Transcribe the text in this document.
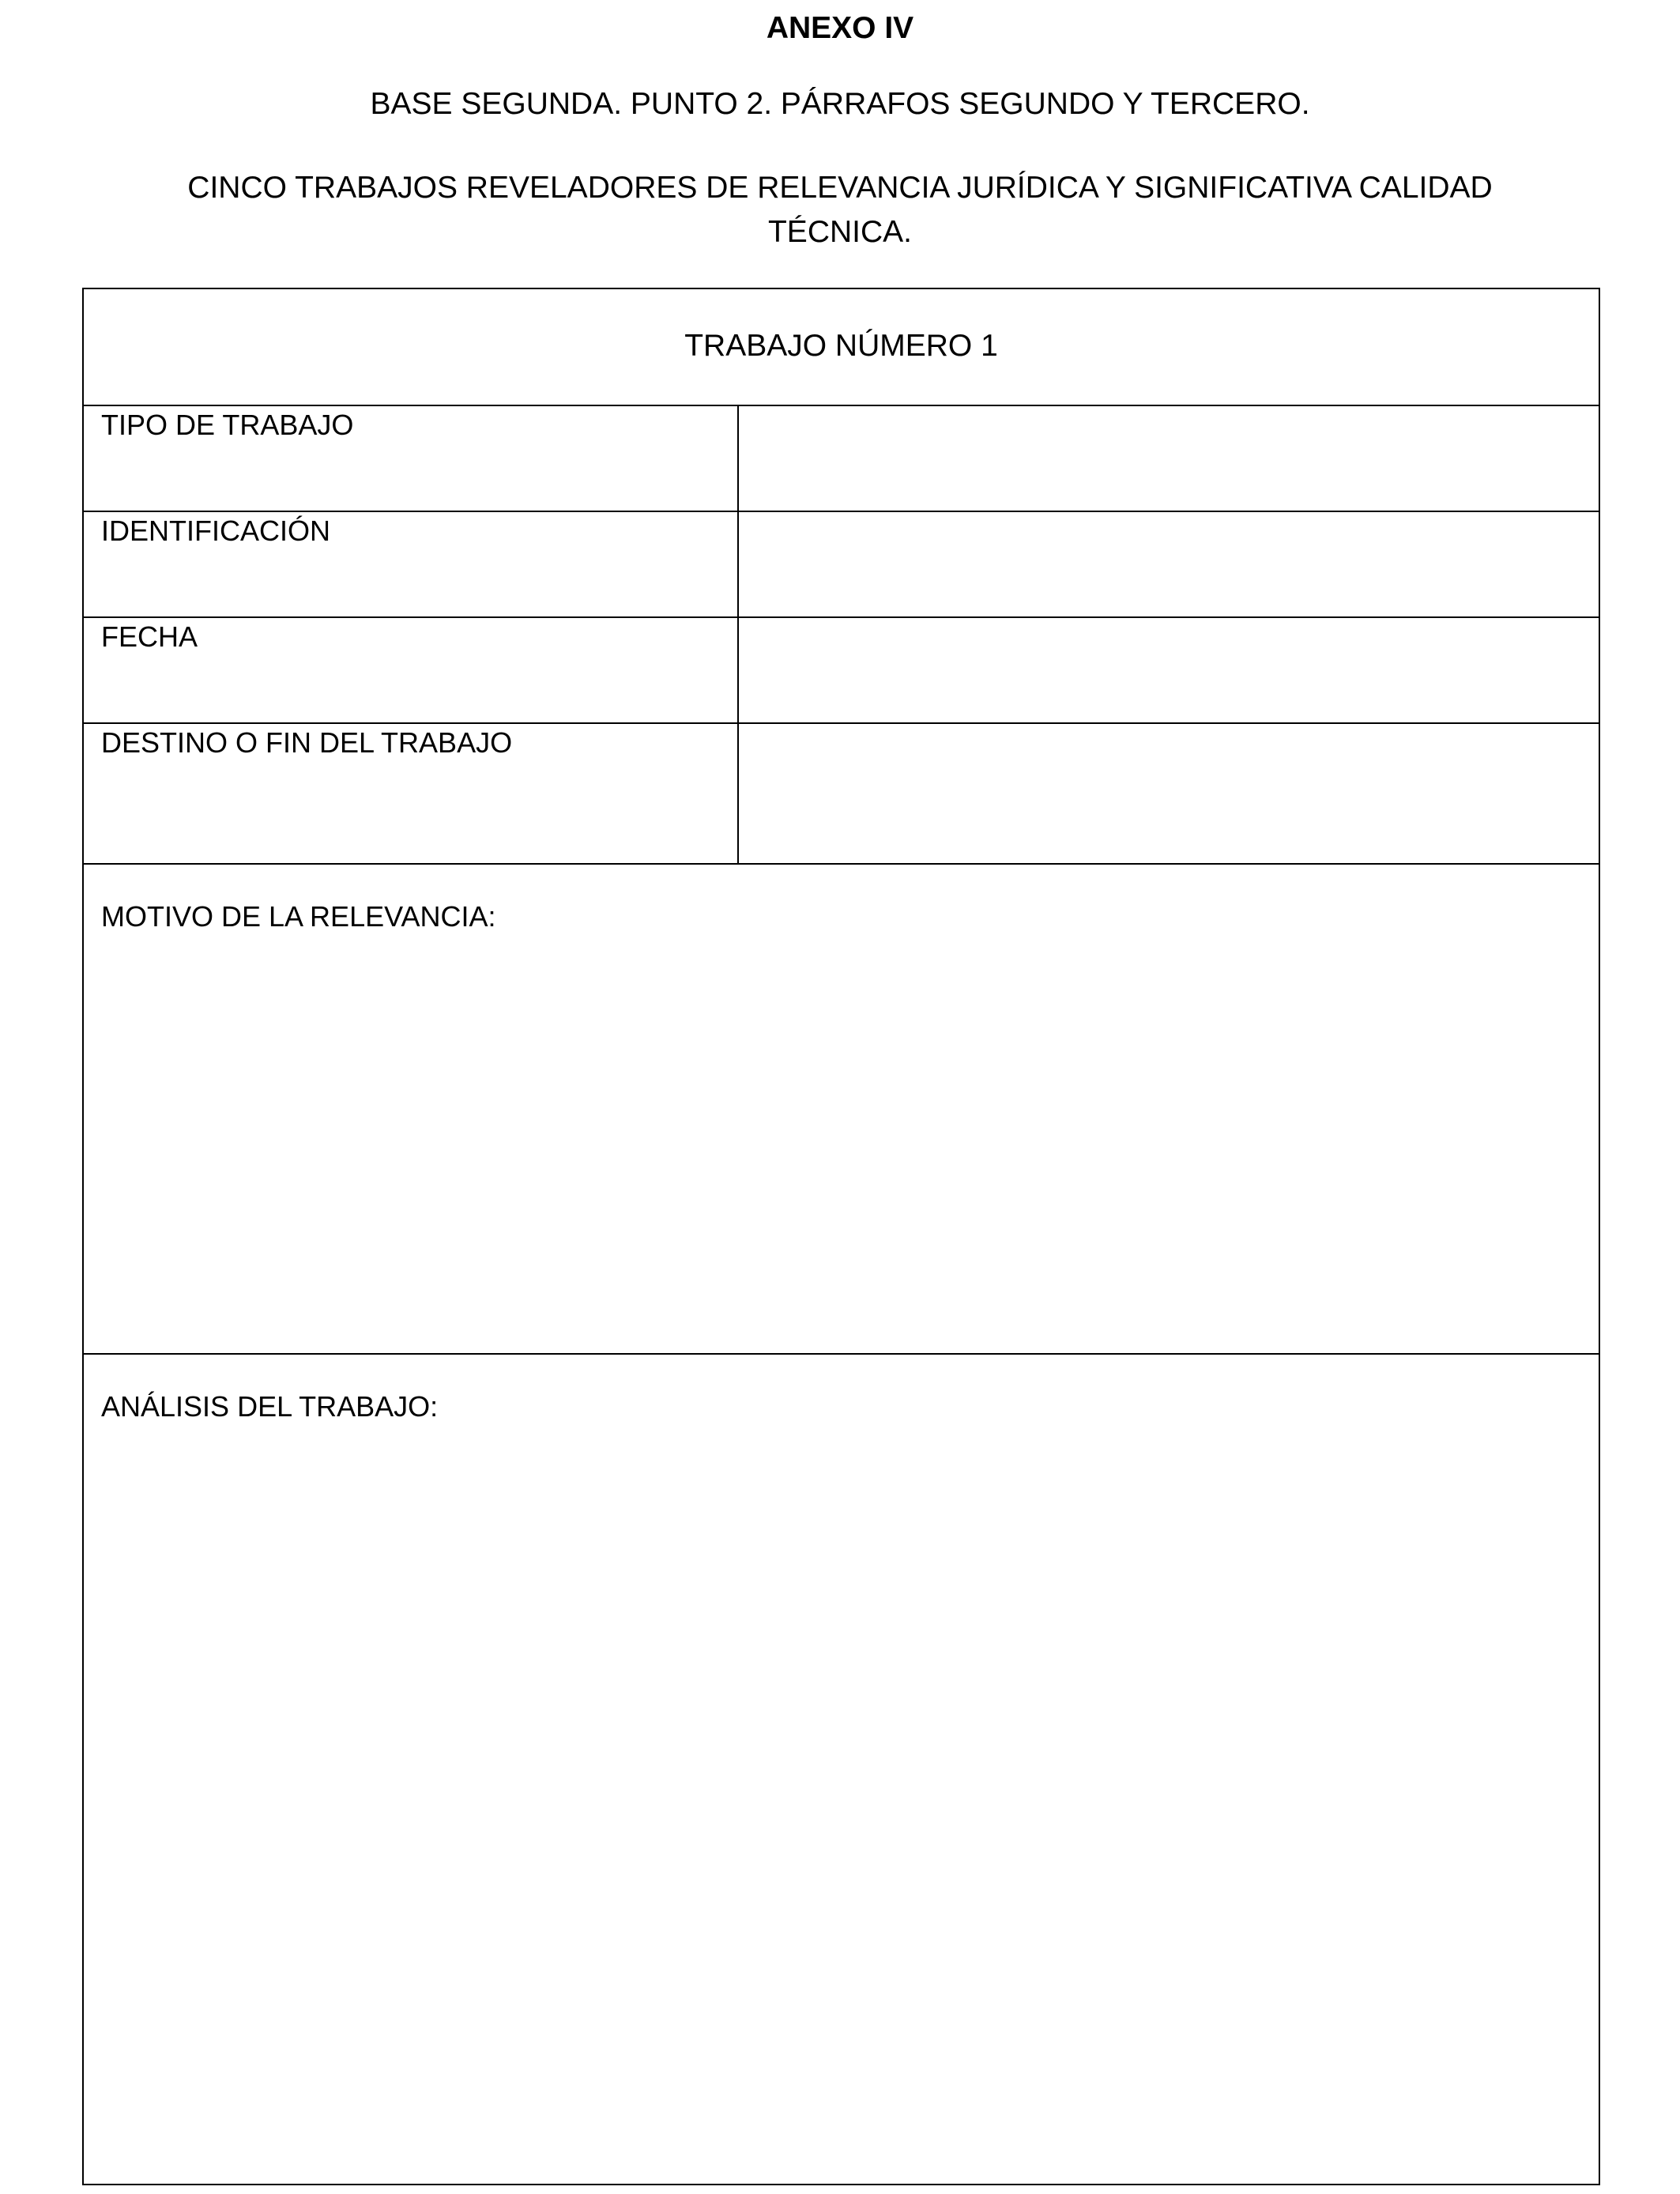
ANEXO IV
BASE SEGUNDA. PUNTO 2. PÁRRAFOS SEGUNDO Y TERCERO.
CINCO TRABAJOS REVELADORES DE RELEVANCIA JURÍDICA Y SIGNIFICATIVA CALIDAD TÉCNICA.
TRABAJO NÚMERO 1
TIPO DE TRABAJO
IDENTIFICACIÓN
FECHA
DESTINO O FIN DEL TRABAJO
MOTIVO DE LA RELEVANCIA:
ANÁLISIS DEL TRABAJO:
